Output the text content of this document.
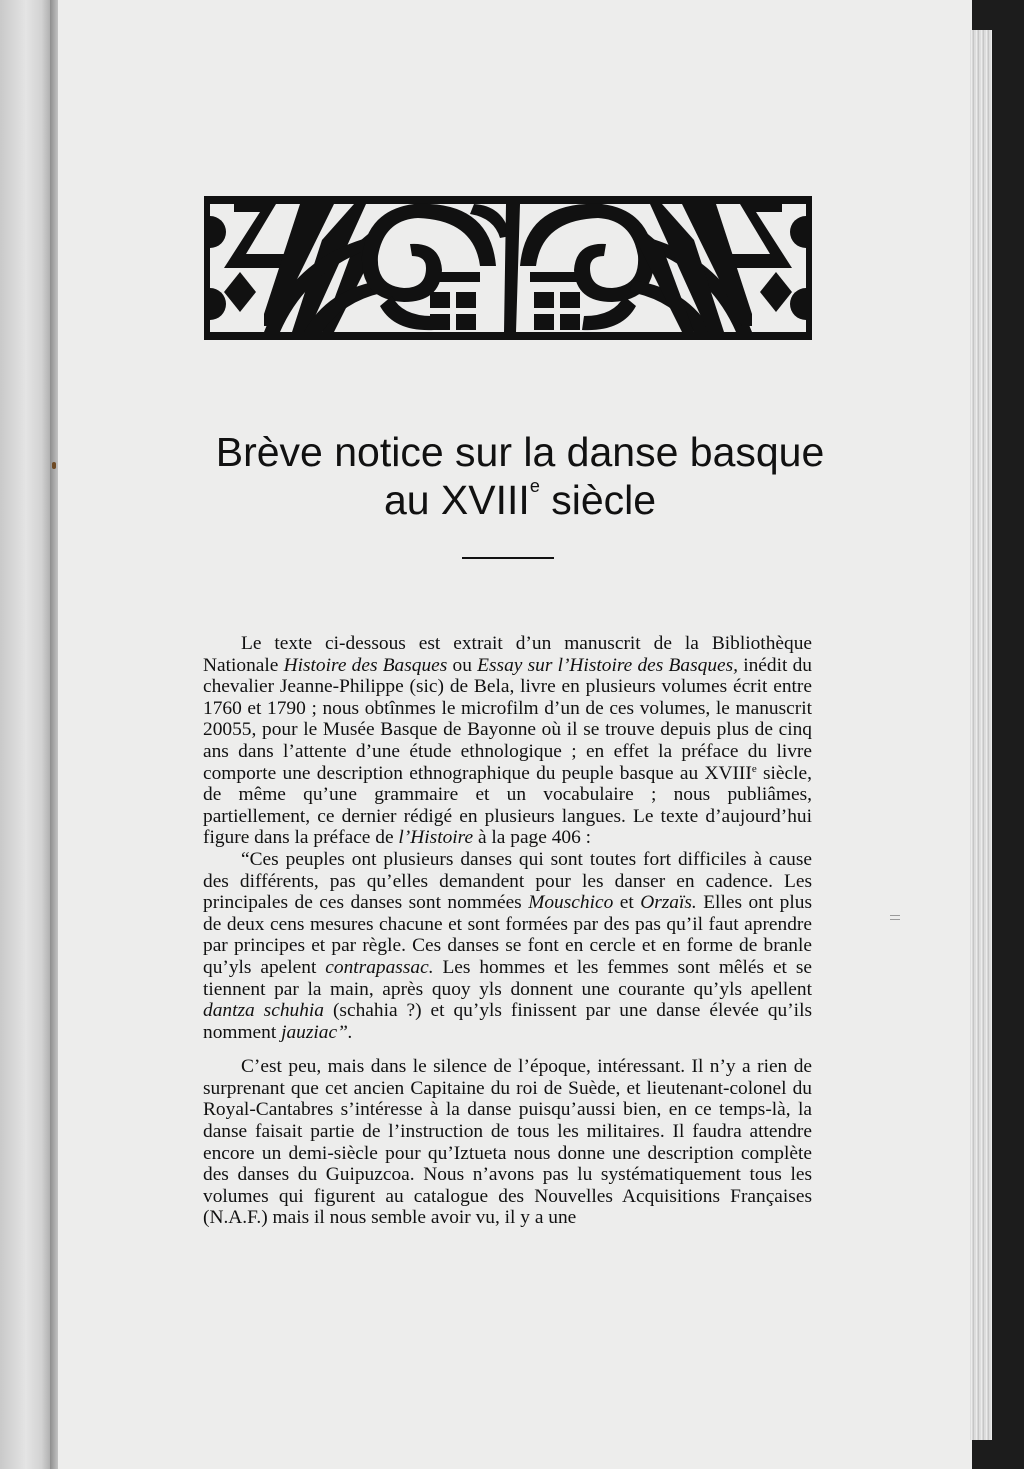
Brève notice sur la danse basque
au XVIIIe siècle

Le texte ci-dessous est extrait d’un manuscrit de la Bibliothèque Nationale Histoire des Basques ou Essay sur l’Histoire des Basques, inédit du chevalier Jeanne-Philippe (sic) de Bela, livre en plusieurs volumes écrit entre 1760 et 1790 ; nous obtînmes le microfilm d’un de ces volumes, le manuscrit 20055, pour le Musée Basque de Bayonne où il se trouve depuis plus de cinq ans dans l’attente d’une étude ethnologique ; en effet la préface du livre comporte une description ethnographique du peuple basque au XVIIIe siècle, de même qu’une grammaire et un vocabulaire ; nous publiâmes, partiellement, ce dernier rédigé en plusieurs langues. Le texte d’aujourd’hui figure dans la préface de l’Histoire à la page 406 :

“Ces peuples ont plusieurs danses qui sont toutes fort difficiles à cause des différents, pas qu’elles demandent pour les danser en cadence. Les principales de ces danses sont nommées Mouschico et Orzaïs. Elles ont plus de deux cens mesures chacune et sont formées par des pas qu’il faut aprendre par principes et par règle. Ces danses se font en cercle et en forme de branle qu’yls apelent contrapassac. Les hommes et les femmes sont mêlés et se tiennent par la main, après quoy yls donnent une courante qu’yls apellent dantza schuhia (schahia ?) et qu’yls finissent par une danse élevée qu’ils nomment jauziac”.

C’est peu, mais dans le silence de l’époque, intéressant. Il n’y a rien de surprenant que cet ancien Capitaine du roi de Suède, et lieutenant-colonel du Royal-Cantabres s’intéresse à la danse puisqu’aussi bien, en ce temps-là, la danse faisait partie de l’instruction de tous les militaires. Il faudra attendre encore un demi-siècle pour qu’Iztueta nous donne une description complète des danses du Guipuzcoa. Nous n’avons pas lu systématiquement tous les volumes qui figurent au catalogue des Nouvelles Acquisitions Françaises (N.A.F.) mais il nous semble avoir vu, il y a une
